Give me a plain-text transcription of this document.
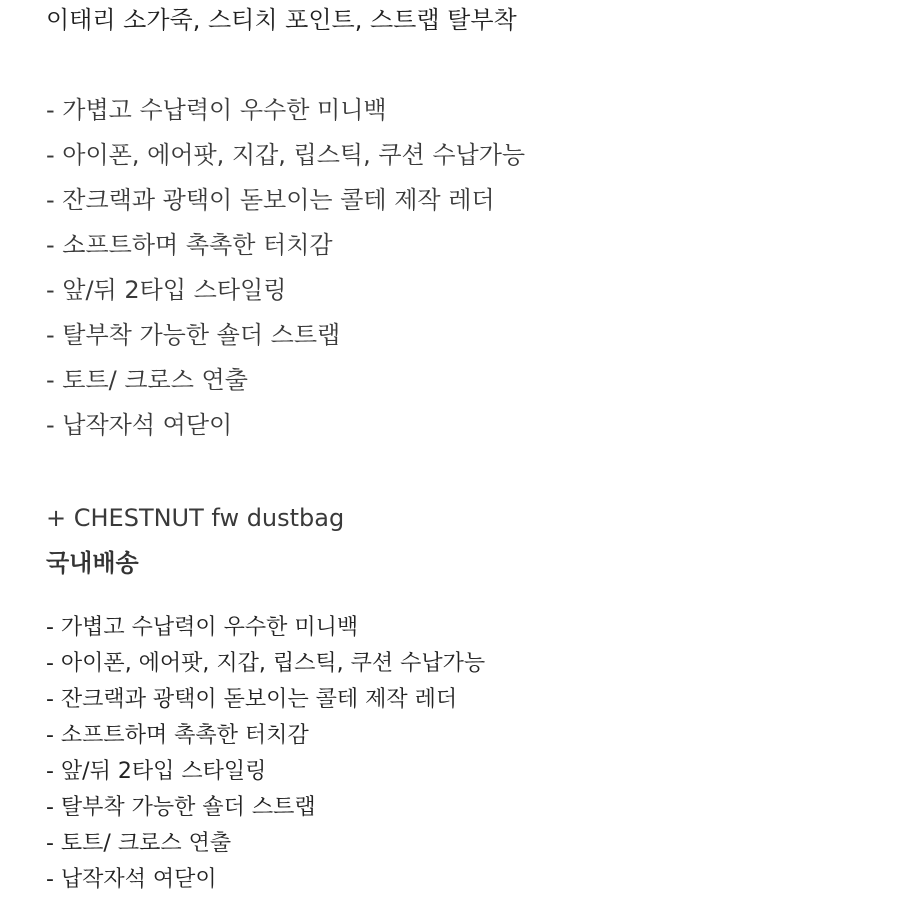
이태리 소가죽, 스티치 포인트, 스트랩 탈부착
- 가볍고 수납력이 우수한 미니백
- 아이폰, 에어팟, 지갑, 립스틱, 쿠션 수납가능
- 잔크랙과 광택이 돋보이는 콜테 제작 레더
- 소프트하며 촉촉한 터치감
- 앞/뒤 2타입 스타일링
- 탈부착 가능한 숄더 스트랩
- 토트/ 크로스 연출
- 납작자석 여닫이
+ CHESTNUT fw dustbag
국내배송
- 가볍고 수납력이 우수한 미니백
- 아이폰, 에어팟, 지갑, 립스틱, 쿠션 수납가능
- 잔크랙과 광택이 돋보이는 콜테 제작 레더
- 소프트하며 촉촉한 터치감
- 앞/뒤 2타입 스타일링
- 탈부착 가능한 숄더 스트랩
- 토트/ 크로스 연출
- 납작자석 여닫이
